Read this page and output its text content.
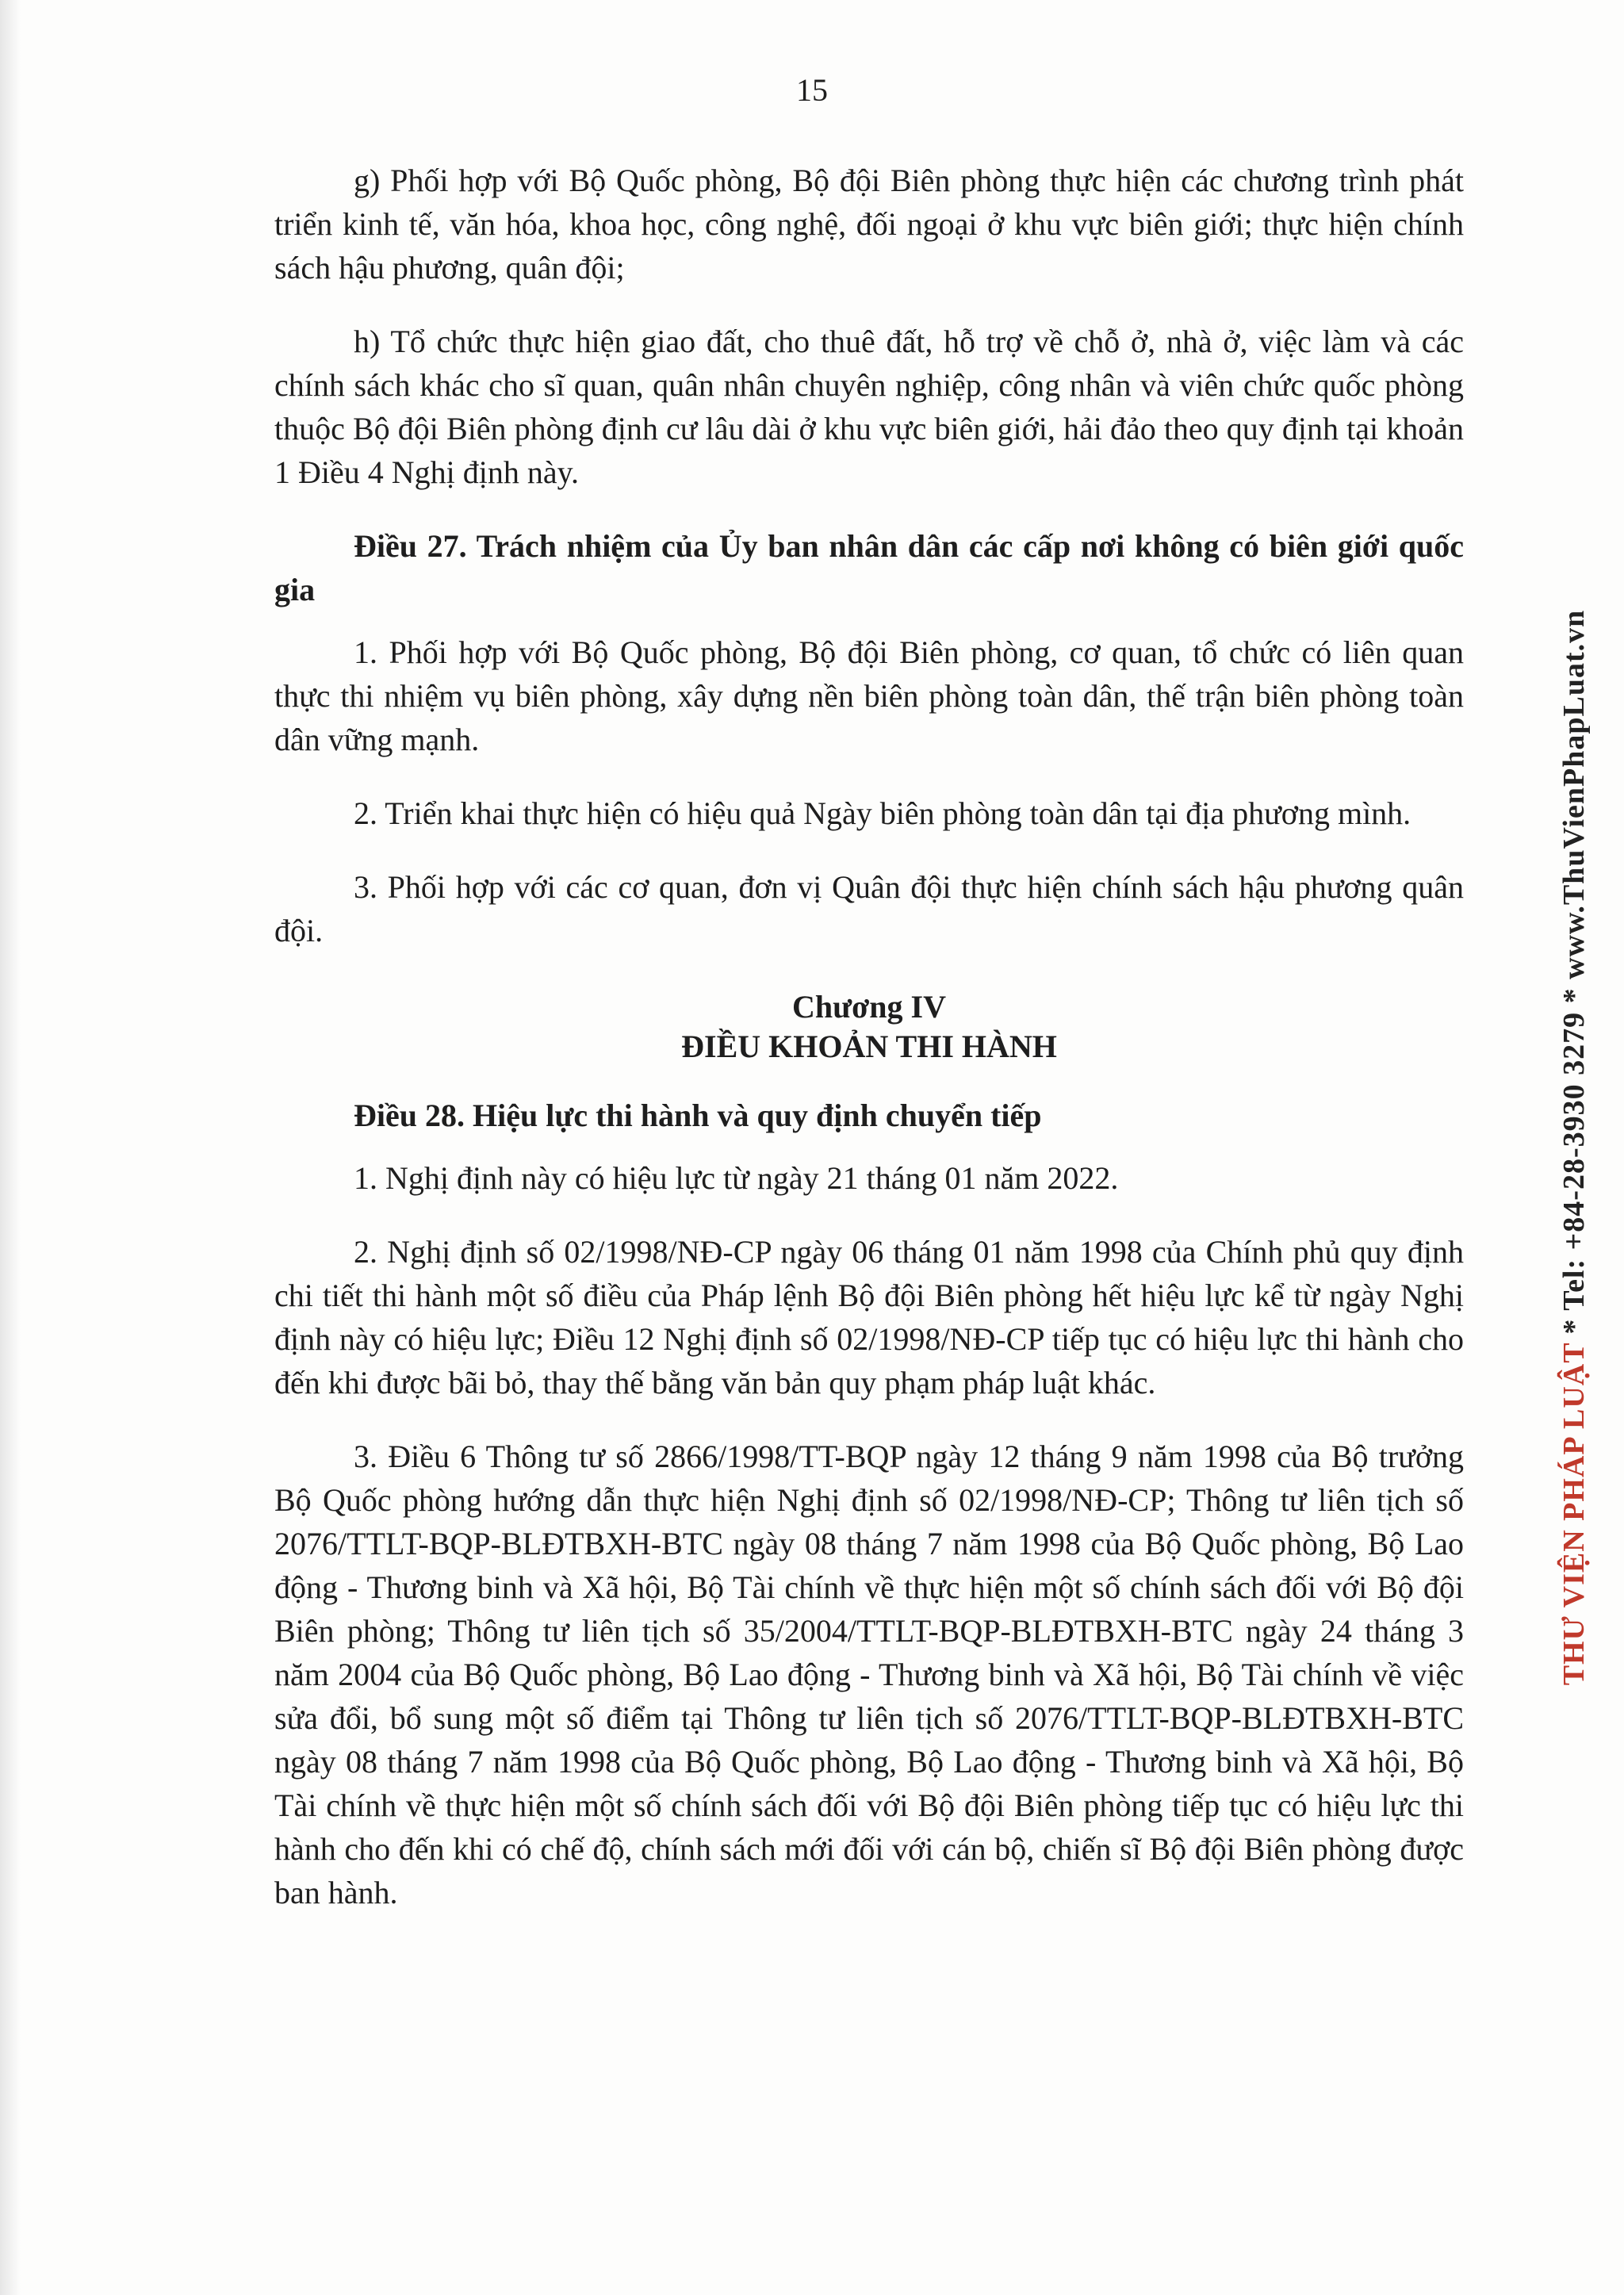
15

g) Phối hợp với Bộ Quốc phòng, Bộ đội Biên phòng thực hiện các chương trình phát triển kinh tế, văn hóa, khoa học, công nghệ, đối ngoại ở khu vực biên giới; thực hiện chính sách hậu phương, quân đội;

h) Tổ chức thực hiện giao đất, cho thuê đất, hỗ trợ về chỗ ở, nhà ở, việc làm và các chính sách khác cho sĩ quan, quân nhân chuyên nghiệp, công nhân và viên chức quốc phòng thuộc Bộ đội Biên phòng định cư lâu dài ở khu vực biên giới, hải đảo theo quy định tại khoản 1 Điều 4 Nghị định này.

Điều 27. Trách nhiệm của Ủy ban nhân dân các cấp nơi không có biên giới quốc gia

1. Phối hợp với Bộ Quốc phòng, Bộ đội Biên phòng, cơ quan, tổ chức có liên quan thực thi nhiệm vụ biên phòng, xây dựng nền biên phòng toàn dân, thế trận biên phòng toàn dân vững mạnh.

2. Triển khai thực hiện có hiệu quả Ngày biên phòng toàn dân tại địa phương mình.

3. Phối hợp với các cơ quan, đơn vị Quân đội thực hiện chính sách hậu phương quân đội.

Chương IV
ĐIỀU KHOẢN THI HÀNH
Điều 28. Hiệu lực thi hành và quy định chuyển tiếp

1. Nghị định này có hiệu lực từ ngày 21 tháng 01 năm 2022.

2. Nghị định số 02/1998/NĐ-CP ngày 06 tháng 01 năm 1998 của Chính phủ quy định chi tiết thi hành một số điều của Pháp lệnh Bộ đội Biên phòng hết hiệu lực kể từ ngày Nghị định này có hiệu lực; Điều 12 Nghị định số 02/1998/NĐ-CP tiếp tục có hiệu lực thi hành cho đến khi được bãi bỏ, thay thế bằng văn bản quy phạm pháp luật khác.

3. Điều 6 Thông tư số 2866/1998/TT-BQP ngày 12 tháng 9 năm 1998 của Bộ trưởng Bộ Quốc phòng hướng dẫn thực hiện Nghị định số 02/1998/NĐ-CP; Thông tư liên tịch số 2076/TTLT-BQP-BLĐTBXH-BTC ngày 08 tháng 7 năm 1998 của Bộ Quốc phòng, Bộ Lao động - Thương binh và Xã hội, Bộ Tài chính về thực hiện một số chính sách đối với Bộ đội Biên phòng; Thông tư liên tịch số 35/2004/TTLT-BQP-BLĐTBXH-BTC ngày 24 tháng 3 năm 2004 của Bộ Quốc phòng, Bộ Lao động - Thương binh và Xã hội, Bộ Tài chính về việc sửa đổi, bổ sung một số điểm tại Thông tư liên tịch số 2076/TTLT-BQP-BLĐTBXH-BTC ngày 08 tháng 7 năm 1998 của Bộ Quốc phòng, Bộ Lao động - Thương binh và Xã hội, Bộ Tài chính về thực hiện một số chính sách đối với Bộ đội Biên phòng tiếp tục có hiệu lực thi hành cho đến khi có chế độ, chính sách mới đối với cán bộ, chiến sĩ Bộ đội Biên phòng được ban hành.

THƯ VIỆN PHÁP LUẬT * Tel: +84-28-3930 3279 * www.ThuVienPhapLuat.vn
